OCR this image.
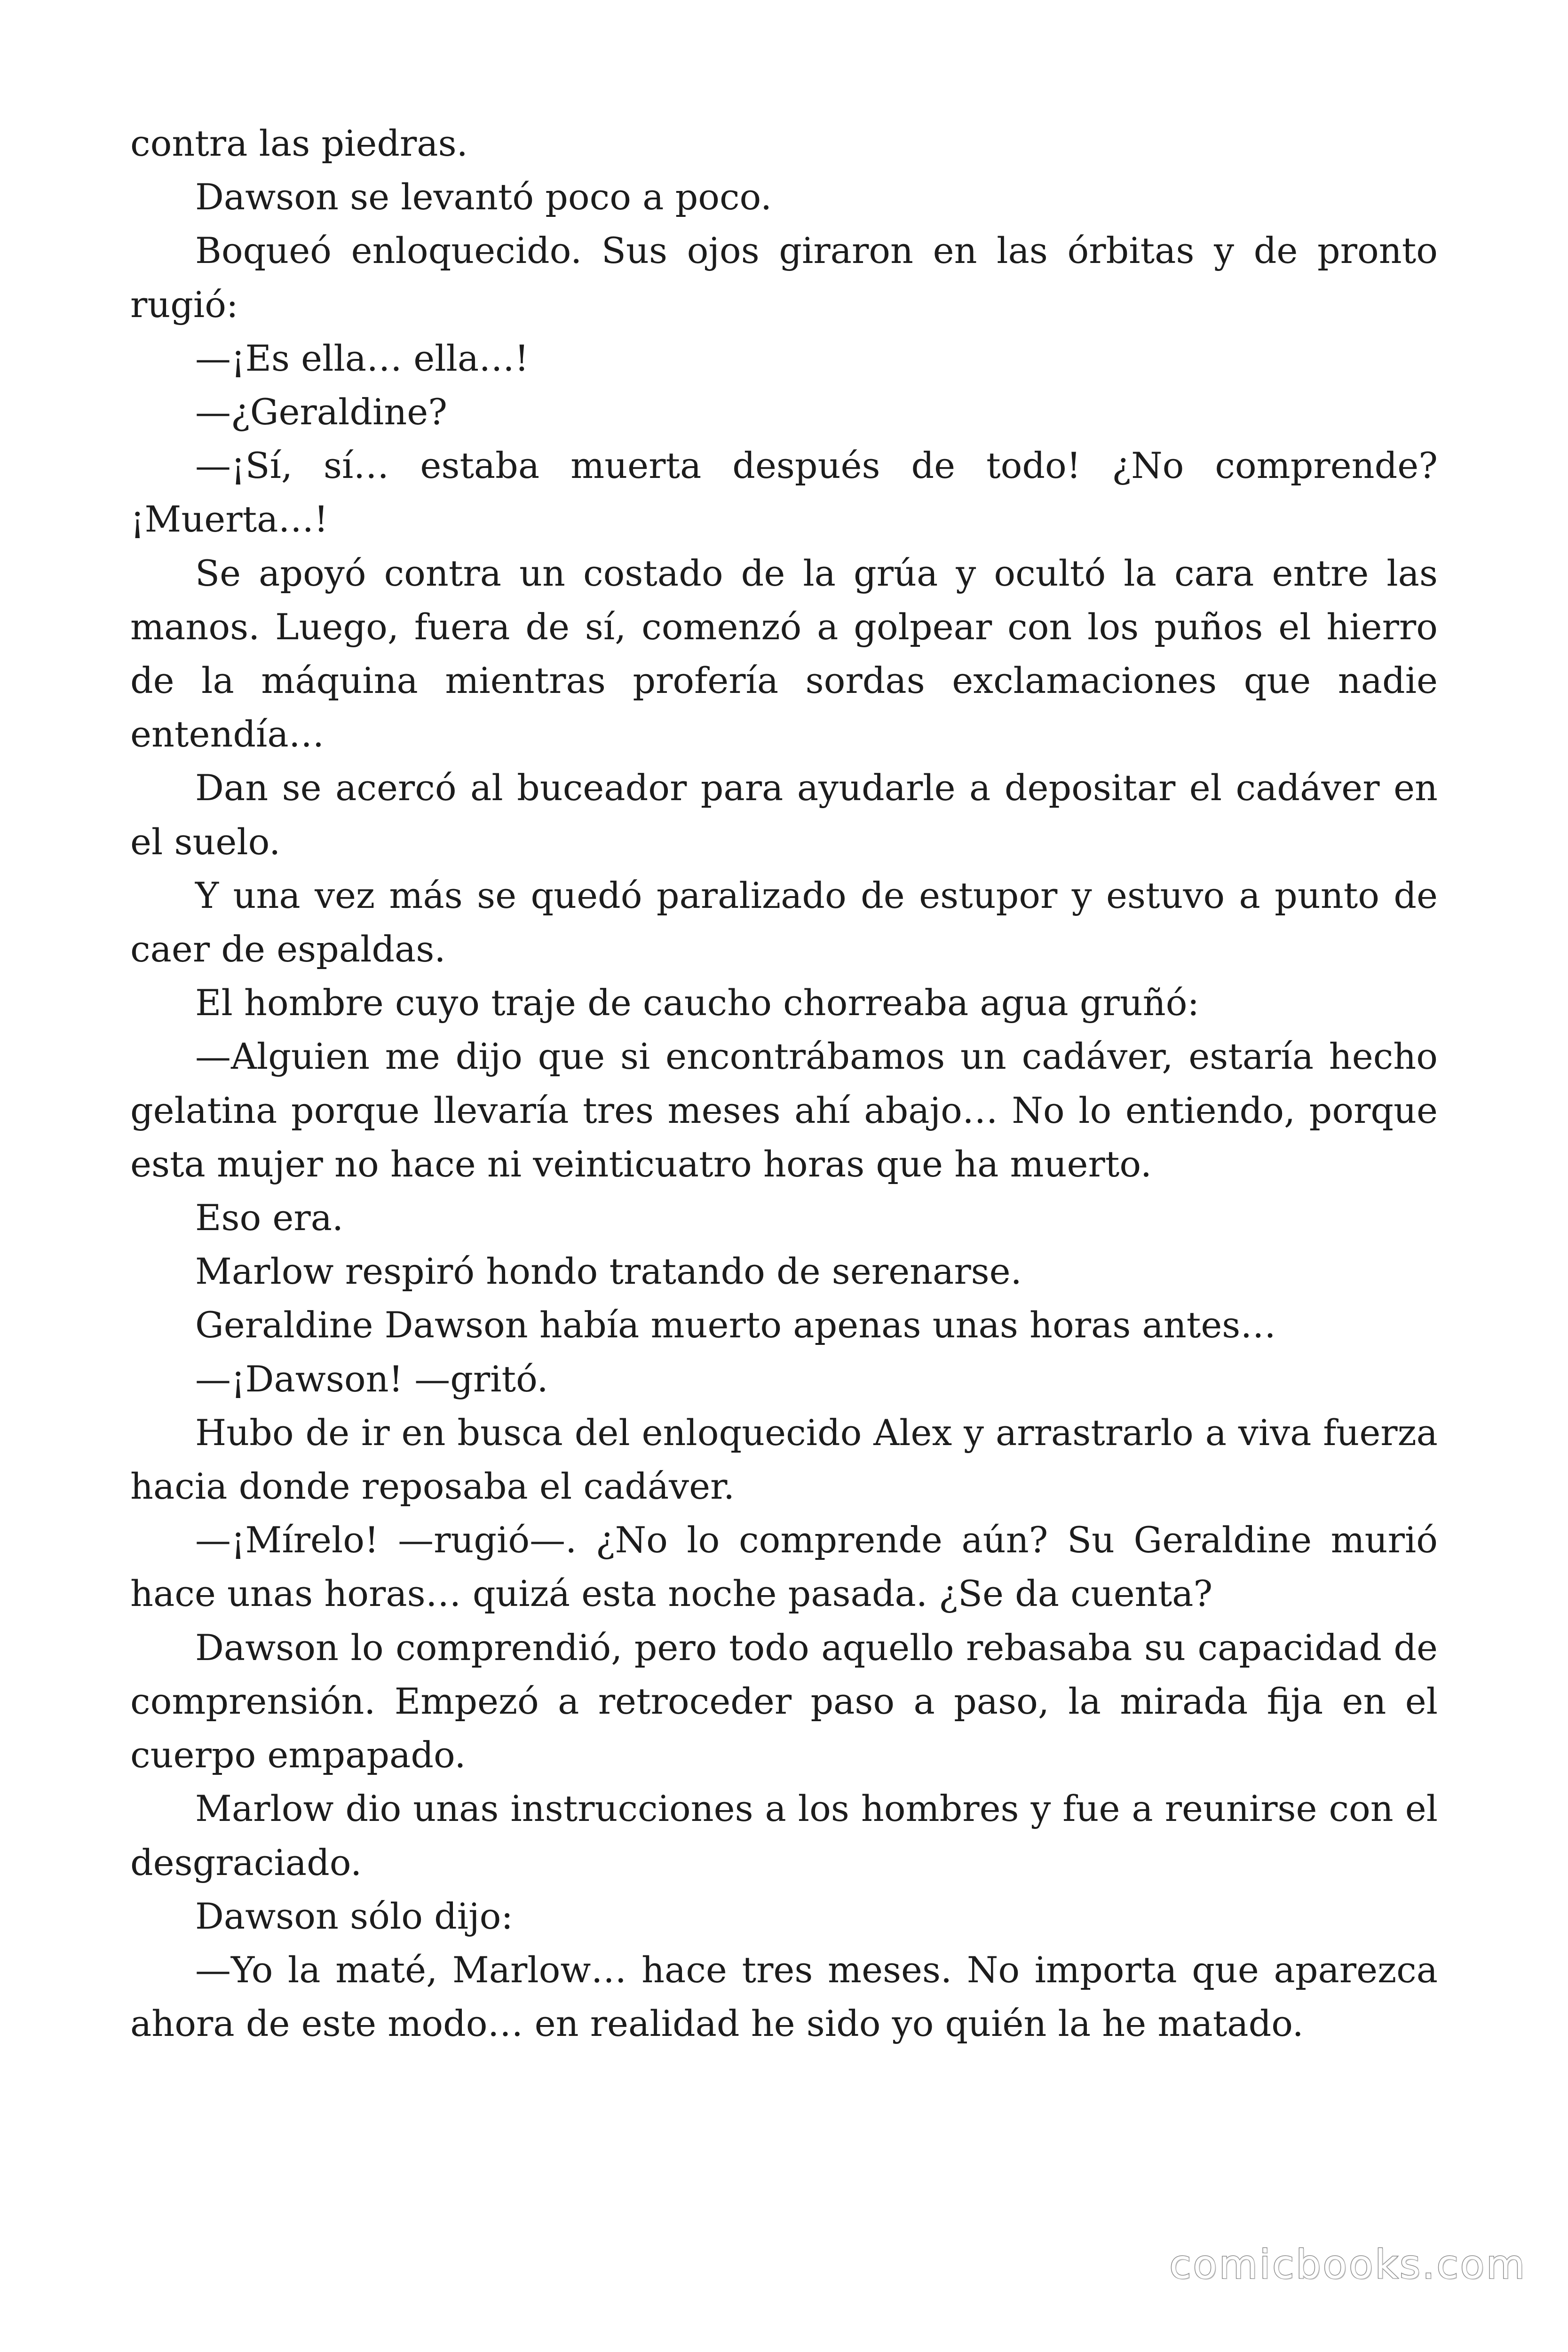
contra las piedras.

Dawson se levantó poco a poco.

Boqueó enloquecido. Sus ojos giraron en las órbitas y de pronto rugió:

—¡Es ella… ella…!

—¿Geraldine?

—¡Sí, sí… estaba muerta después de todo! ¿No comprende? ¡Muerta…!

Se apoyó contra un costado de la grúa y ocultó la cara entre las manos. Luego, fuera de sí, comenzó a golpear con los puños el hierro de la máquina mientras profería sordas exclamaciones que nadie entendía…

Dan se acercó al buceador para ayudarle a depositar el cadáver en el suelo.

Y una vez más se quedó paralizado de estupor y estuvo a punto de caer de espaldas.

El hombre cuyo traje de caucho chorreaba agua gruñó:

—Alguien me dijo que si encontrábamos un cadáver, estaría hecho gelatina porque llevaría tres meses ahí abajo… No lo entiendo, porque esta mujer no hace ni veinticuatro horas que ha muerto.

Eso era.

Marlow respiró hondo tratando de serenarse.

Geraldine Dawson había muerto apenas unas horas antes…

—¡Dawson! —gritó.

Hubo de ir en busca del enloquecido Alex y arrastrarlo a viva fuerza hacia donde reposaba el cadáver.

—¡Mírelo! —rugió—. ¿No lo comprende aún? Su Geraldine murió hace unas horas… quizá esta noche pasada. ¿Se da cuenta?

Dawson lo comprendió, pero todo aquello rebasaba su capacidad de comprensión. Empezó a retroceder paso a paso, la mirada fija en el cuerpo empapado.

Marlow dio unas instrucciones a los hombres y fue a reunirse con el desgraciado.

Dawson sólo dijo:

—Yo la maté, Marlow… hace tres meses. No importa que aparezca ahora de este modo… en realidad he sido yo quién la he matado.

comicbooks.com
